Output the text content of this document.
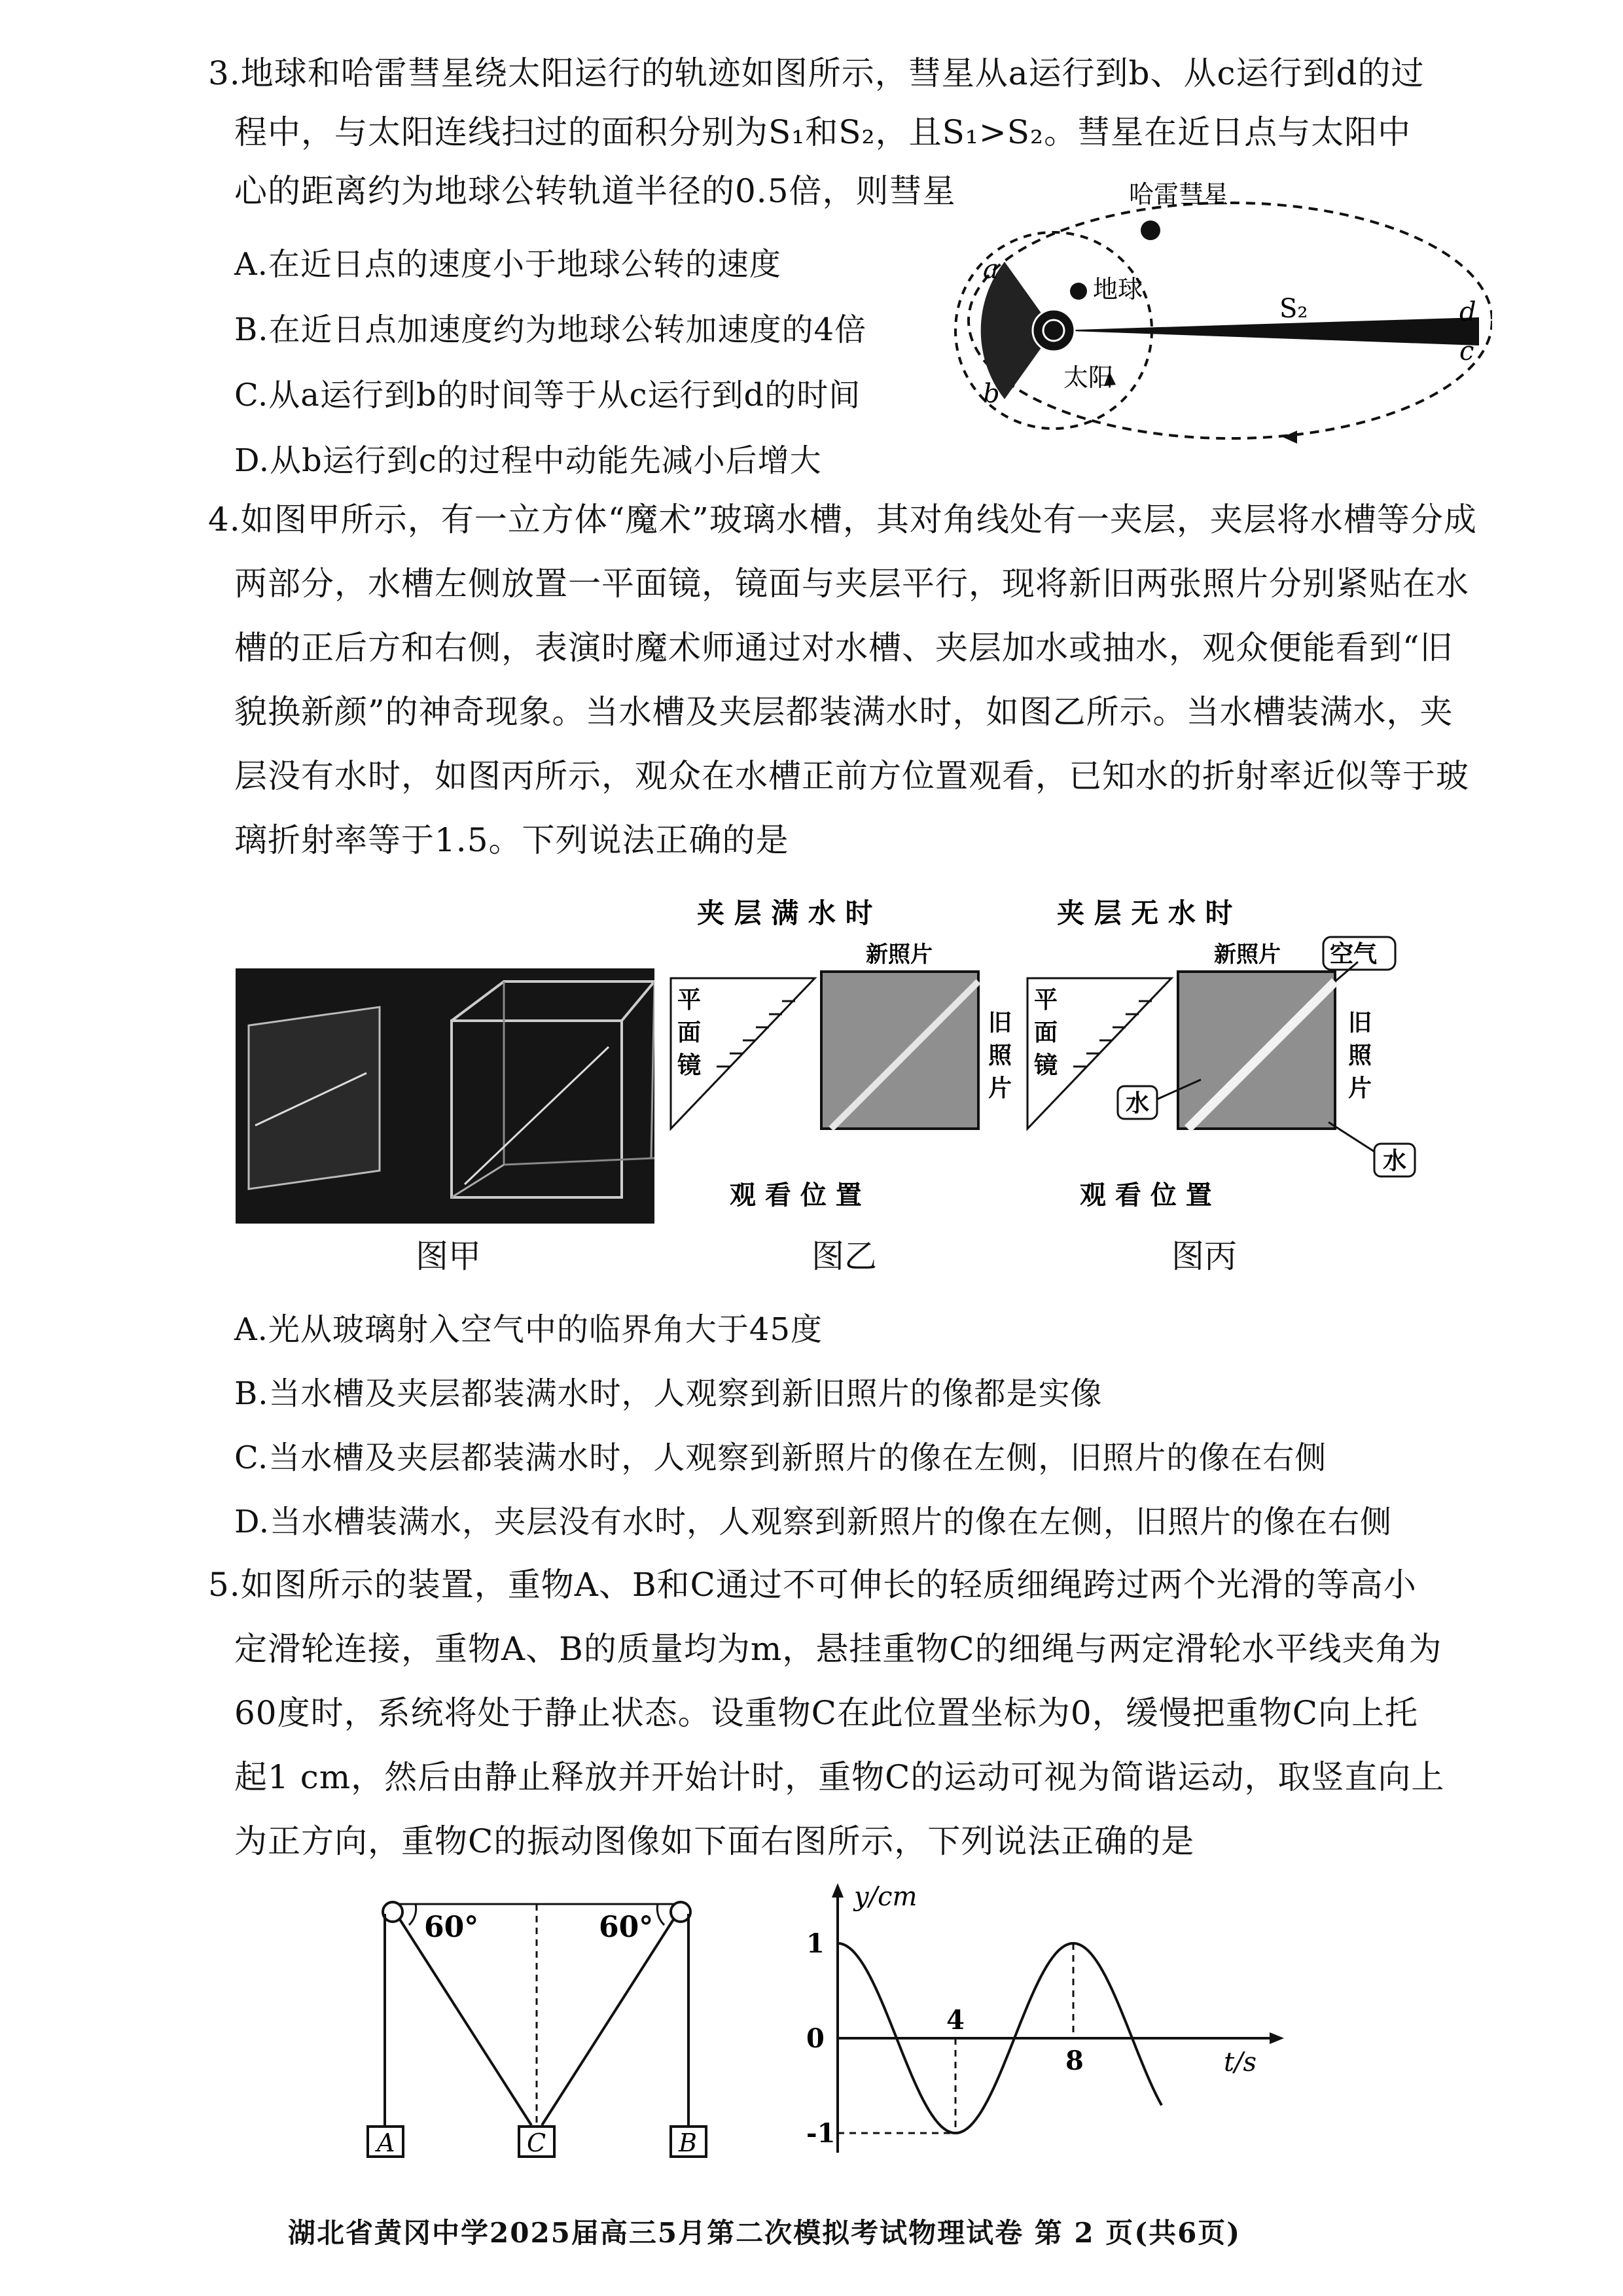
3.地球和哈雷彗星绕太阳运行的轨迹如图所示，彗星从a运行到b、从c运行到d的过
程中，与太阳连线扫过的面积分别为S₁和S₂，且S₁>S₂。彗星在近日点与太阳中
心的距离约为地球公转轨道半径的0.5倍，则彗星
A.在近日点的速度小于地球公转的速度
B.在近日点加速度约为地球公转加速度的4倍
C.从a运行到b的时间等于从c运行到d的时间
D.从b运行到c的过程中动能先减小后增大
哈雷彗星
地球
太阳
S₂
a
b
c
d
4.如图甲所示，有一立方体“魔术”玻璃水槽，其对角线处有一夹层，夹层将水槽等分成
两部分，水槽左侧放置一平面镜，镜面与夹层平行，现将新旧两张照片分别紧贴在水
槽的正后方和右侧，表演时魔术师通过对水槽、夹层加水或抽水，观众便能看到“旧
貌换新颜”的神奇现象。当水槽及夹层都装满水时，如图乙所示。当水槽装满水，夹
层没有水时，如图丙所示，观众在水槽正前方位置观看，已知水的折射率近似等于玻
璃折射率等于1.5。下列说法正确的是
夹 层 满 水 时
新照片
平
面
镜
旧
照
片
观 看 位 置
夹 层 无 水 时
新照片 空气
平
面
镜
旧
照
片
水
水
观 看 位 置
图甲	图乙	图丙
A.光从玻璃射入空气中的临界角大于45度
B.当水槽及夹层都装满水时，人观察到新旧照片的像都是实像
C.当水槽及夹层都装满水时，人观察到新照片的像在左侧，旧照片的像在右侧
D.当水槽装满水，夹层没有水时，人观察到新照片的像在左侧，旧照片的像在右侧
5.如图所示的装置，重物A、B和C通过不可伸长的轻质细绳跨过两个光滑的等高小
定滑轮连接，重物A、B的质量均为m，悬挂重物C的细绳与两定滑轮水平线夹角为
60度时，系统将处于静止状态。设重物C在此位置坐标为0，缓慢把重物C向上托
起1 cm，然后由静止释放并开始计时，重物C的运动可视为简谐运动，取竖直向上
为正方向，重物C的振动图像如下面右图所示，下列说法正确的是
60°	60°
A	C	B
y/cm
t/s
1
0
-1
4
8
湖北省黄冈中学2025届高三5月第二次模拟考试物理试卷 第 2 页(共6页)
